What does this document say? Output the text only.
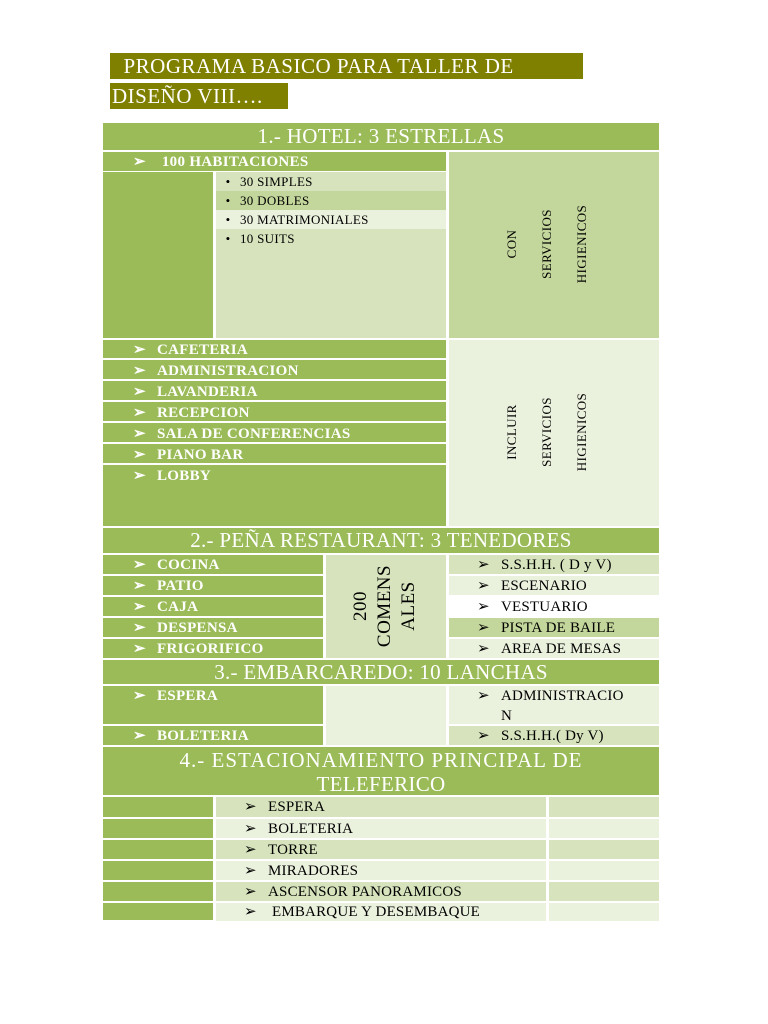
PROGRAMA BASICO PARA TALLER DE
DISEÑO VIII….
1.- HOTEL: 3 ESTRELLAS
➢ 100 HABITACIONES
• 30 SIMPLES
• 30 DOBLES
• 30 MATRIMONIALES
• 10 SUITS	CON SERVICIOS HIGIENICOS
➢ CAFETERIA
➢ ADMINISTRACION
➢ LAVANDERIA
➢ RECEPCION
➢ SALA DE CONFERENCIAS
➢ PIANO BAR
➢ LOBBY
INCLUIR SERVICIOS HIGIENICOS
2.- PEÑA RESTAURANT: 3 TENEDORES
➢ COCINA
➢ PATIO
➢ CAJA
➢ DESPENSA
➢ FRIGORIFICO
200 COMENS ALES
➢ S.S.H.H. ( D y V)
➢ ESCENARIO
➢ VESTUARIO
➢ PISTA DE BAILE
➢ AREA DE MESAS
3.- EMBARCAREDO: 10 LANCHAS
➢ ESPERA
➢ BOLETERIA
➢ ADMINISTRACIO
N
➢ S.S.H.H.( Dy V)
4.- ESTACIONAMIENTO PRINCIPAL DE
TELEFERICO
➢ ESPERA
➢ BOLETERIA
➢ TORRE
➢ MIRADORES
➢ ASCENSOR PANORAMICOS
➢ EMBARQUE Y DESEMBAQUE
